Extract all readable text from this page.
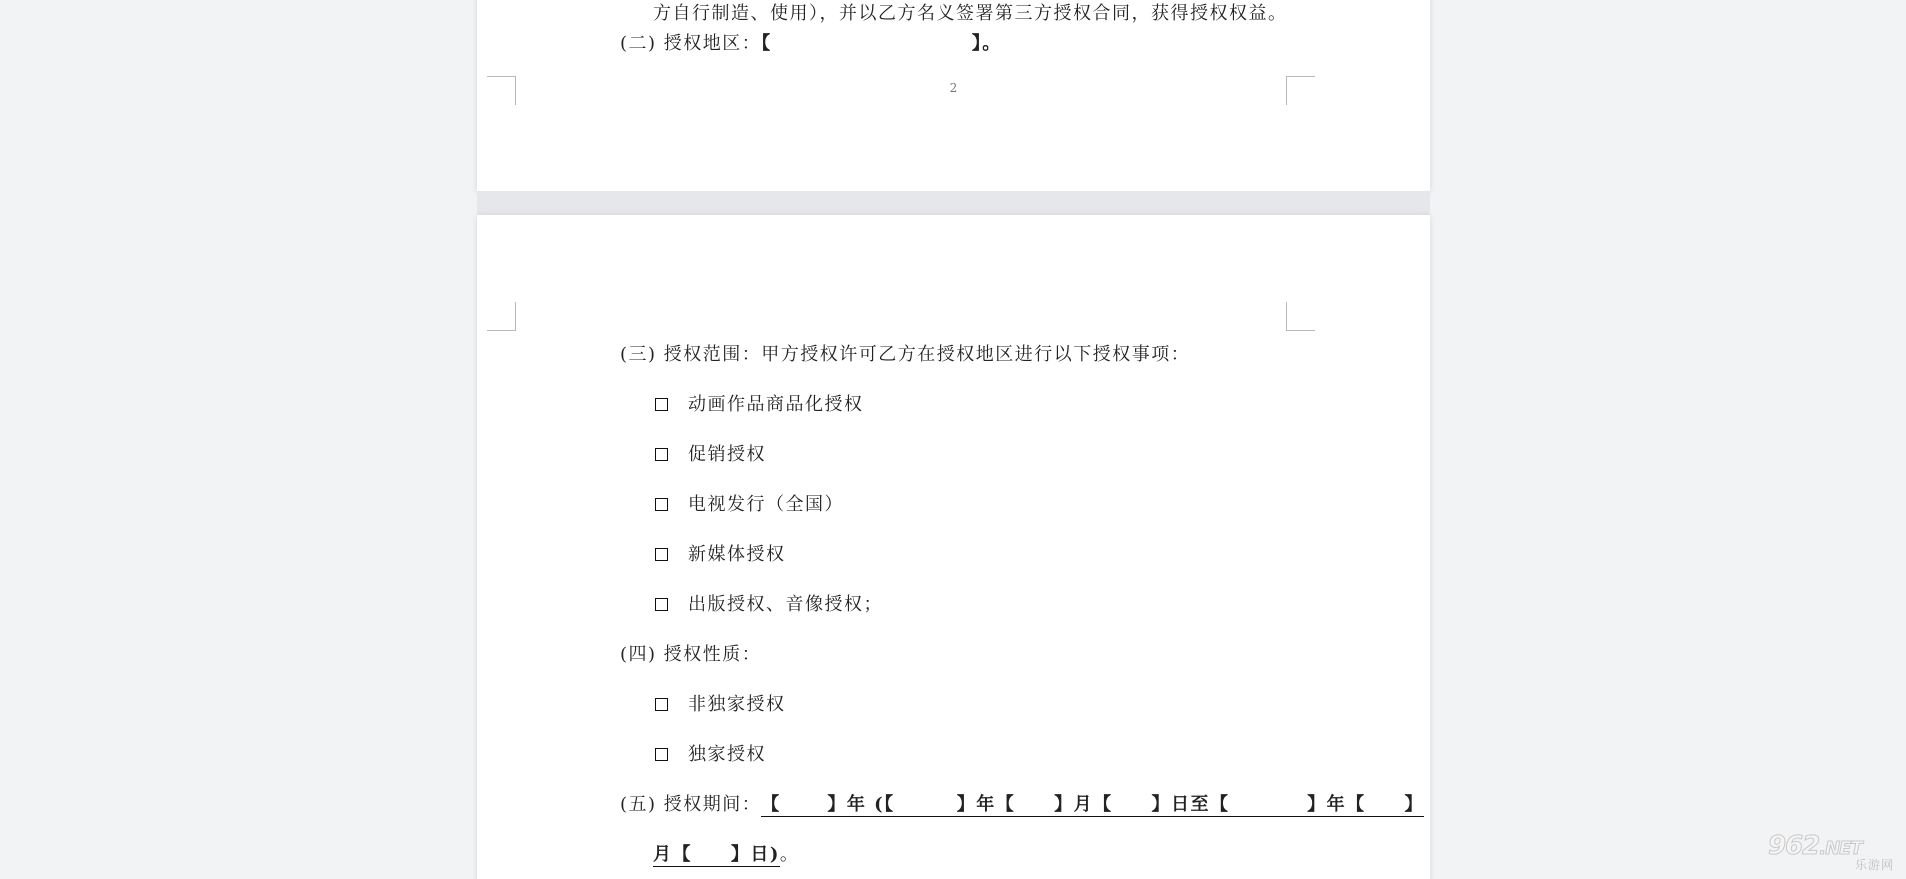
方自行制造、使用），并以乙方名义签署第三方授权合同，获得授权权益。
(二) 授权地区：【	】。
2
(三) 授权范围：甲方授权许可乙方在授权地区进行以下授权事项：
动画作品商品化授权
促销授权
电视发行（全国）
新媒体授权
出版授权、音像授权；
(四) 授权性质：
非独家授权
独家授权
(五) 授权期间：【      】年 (【        】年【     】月【     】日至【          】年【     】
月【     】日)。	962.NET
乐游网
